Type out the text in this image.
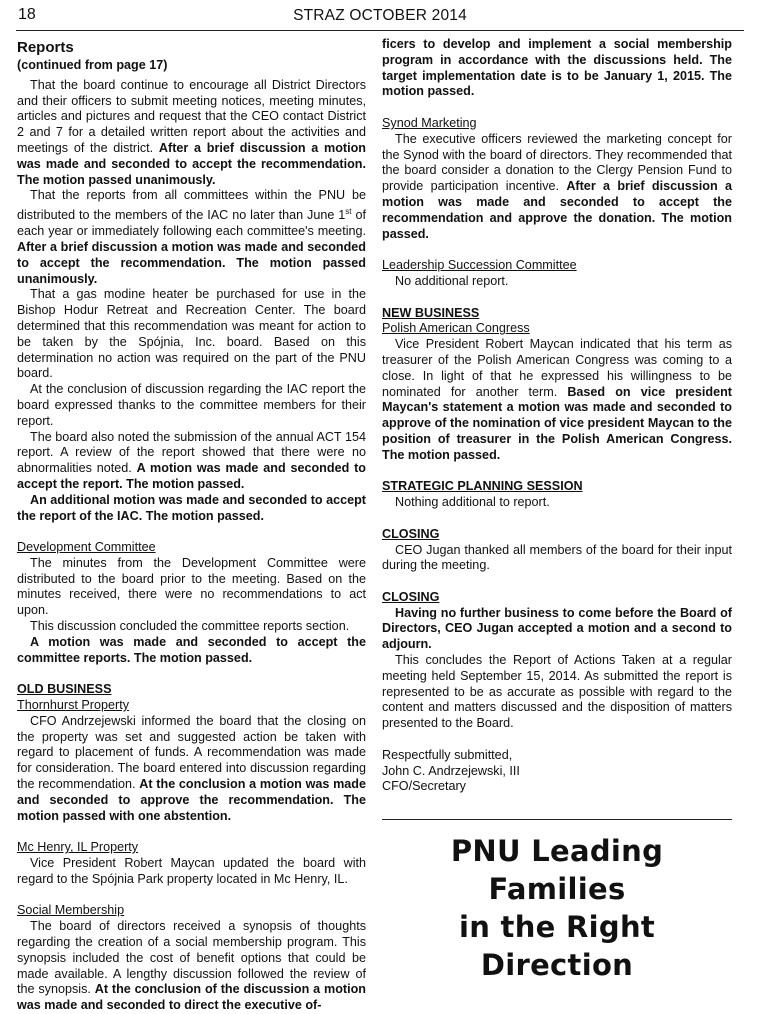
18	STRAZ OCTOBER 2014
Reports
(continued from page 17)

That the board continue to encourage all District Directors and their officers to submit meeting notices, meeting minutes, articles and pictures and request that the CEO contact District 2 and 7 for a detailed written report about the activities and meetings of the district. After a brief discussion a motion was made and seconded to accept the recommendation. The motion passed unanimously.

That the reports from all committees within the PNU be distributed to the members of the IAC no later than June 1st of each year or immediately following each committee's meeting. After a brief discussion a motion was made and seconded to accept the recommendation. The motion passed unanimously.

That a gas modine heater be purchased for use in the Bishop Hodur Retreat and Recreation Center. The board determined that this recommendation was meant for action to be taken by the Spójnia, Inc. board. Based on this determination no action was required on the part of the PNU board.

At the conclusion of discussion regarding the IAC report the board expressed thanks to the committee members for their report.

The board also noted the submission of the annual ACT 154 report. A review of the report showed that there were no abnormalities noted. A motion was made and seconded to accept the report. The motion passed.

An additional motion was made and seconded to accept the report of the IAC. The motion passed.

Development Committee

The minutes from the Development Committee were distributed to the board prior to the meeting. Based on the minutes received, there were no recommendations to act upon.

This discussion concluded the committee reports section.

A motion was made and seconded to accept the committee reports. The motion passed.

OLD BUSINESS

Thornhurst Property

CFO Andrzejewski informed the board that the closing on the property was set and suggested action be taken with regard to placement of funds. A recommendation was made for consideration. The board entered into discussion regarding the recommendation. At the conclusion a motion was made and seconded to approve the recommendation. The motion passed with one abstention.

Mc Henry, IL Property

Vice President Robert Maycan updated the board with regard to the Spójnia Park property located in Mc Henry, IL.

Social Membership

The board of directors received a synopsis of thoughts regarding the creation of a social membership program. This synopsis included the cost of benefit options that could be made available. A lengthy discussion followed the review of the synopsis. At the conclusion of the discussion a motion was made and seconded to direct the executive of-

ficers to develop and implement a social membership program in accordance with the discussions held. The target implementation date is to be January 1, 2015. The motion passed.

Synod Marketing

The executive officers reviewed the marketing concept for the Synod with the board of directors. They recommended that the board consider a donation to the Clergy Pension Fund to provide participation incentive. After a brief discussion a motion was made and seconded to accept the recommendation and approve the donation. The motion passed.

Leadership Succession Committee

No additional report.

NEW BUSINESS

Polish American Congress

Vice President Robert Maycan indicated that his term as treasurer of the Polish American Congress was coming to a close. In light of that he expressed his willingness to be nominated for another term. Based on vice president Maycan's statement a motion was made and seconded to approve of the nomination of vice president Maycan to the position of treasurer in the Polish American Congress. The motion passed.

STRATEGIC PLANNING SESSION

Nothing additional to report.

CLOSING

CEO Jugan thanked all members of the board for their input during the meeting.

CLOSING

Having no further business to come before the Board of Directors, CEO Jugan accepted a motion and a second to adjourn.

This concludes the Report of Actions Taken at a regular meeting held September 15, 2014. As submitted the report is represented to be as accurate as possible with regard to the content and matters discussed and the disposition of matters presented to the Board.

Respectfully submitted,

John C. Andrzejewski, III

CFO/Secretary

PNU Leading Families
in the Right
Direction
